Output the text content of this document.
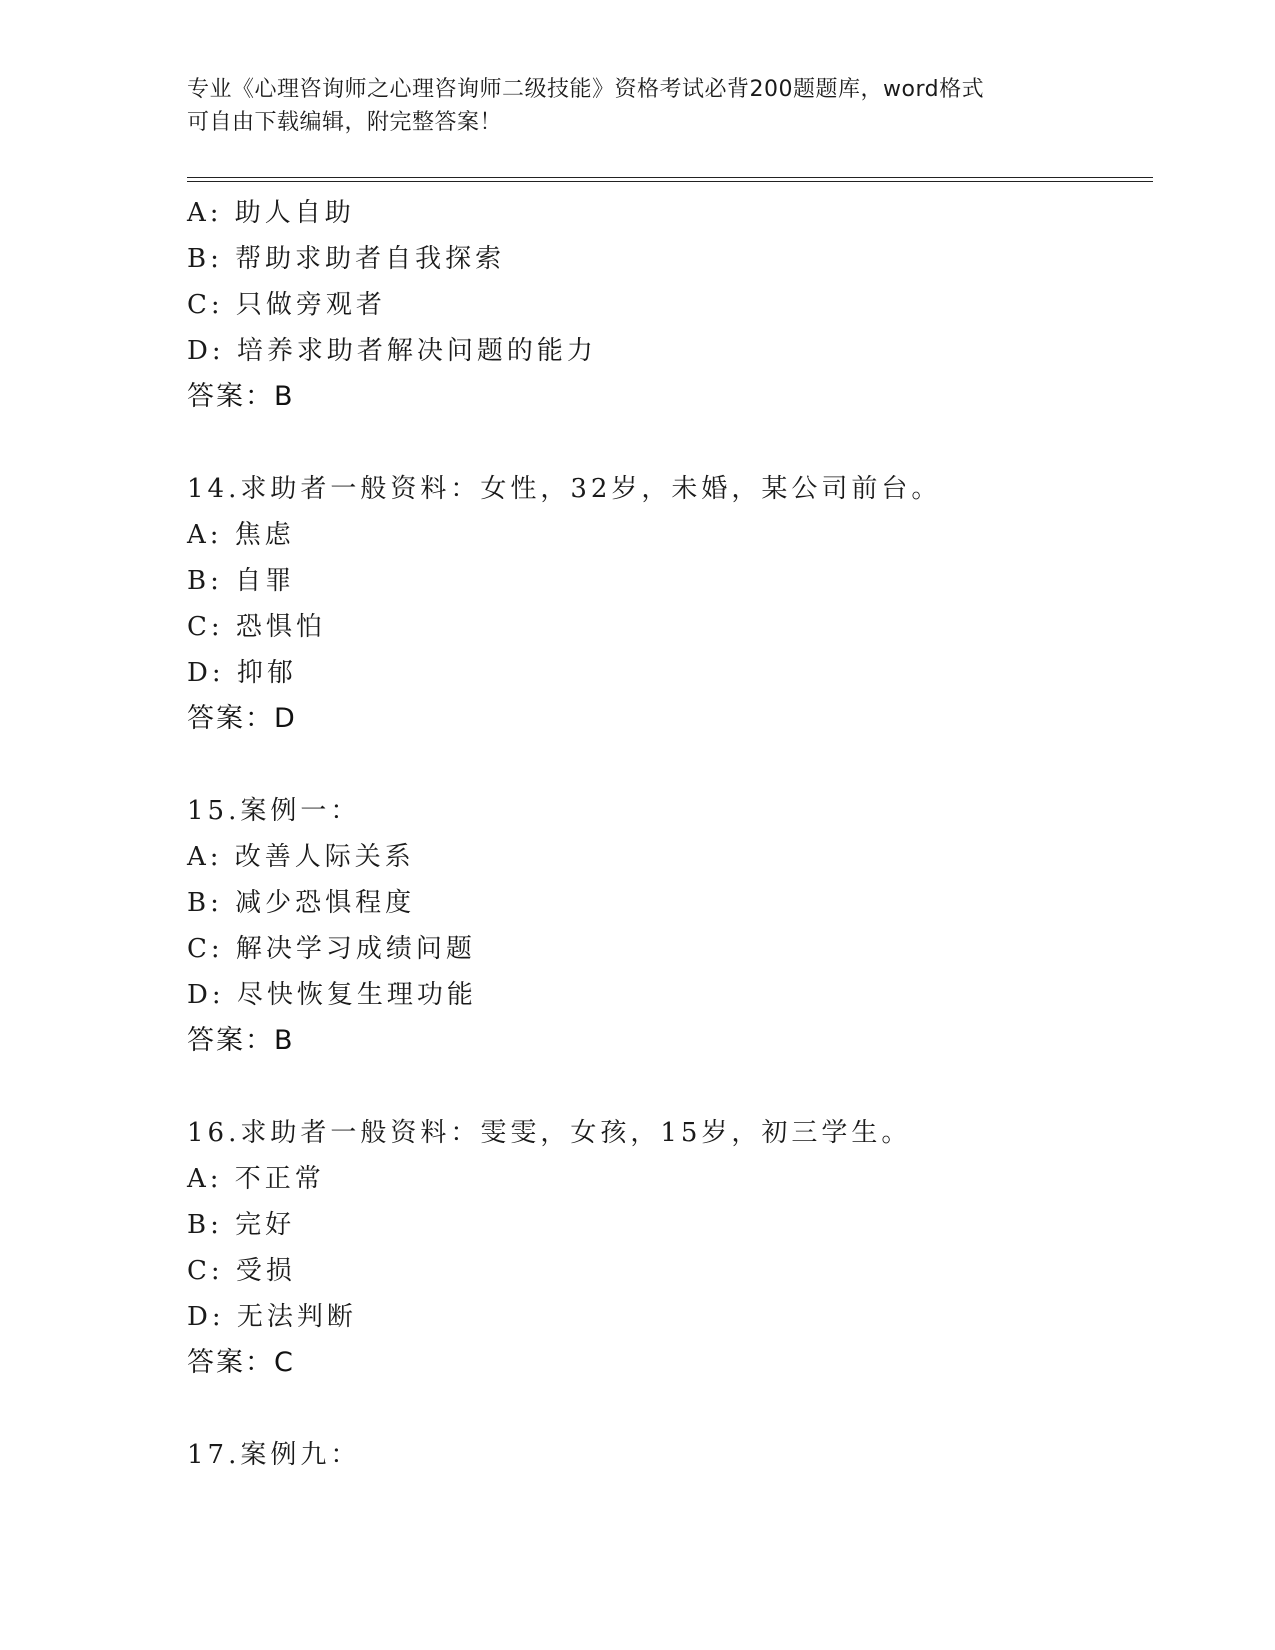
专业《心理咨询师之心理咨询师二级技能》资格考试必背200题题库，word格式
可自由下载编辑，附完整答案！
A: 助人自助
B: 帮助求助者自我探索
C: 只做旁观者
D: 培养求助者解决问题的能力
答案：B
14.求助者一般资料：女性，32岁，未婚，某公司前台。
A: 焦虑
B: 自罪
C: 恐惧怕
D: 抑郁
答案：D
15.案例一：
A: 改善人际关系
B: 减少恐惧程度
C: 解决学习成绩问题
D: 尽快恢复生理功能
答案：B
16.求助者一般资料：雯雯，女孩，15岁，初三学生。
A: 不正常
B: 完好
C: 受损
D: 无法判断
答案：C
17.案例九：
